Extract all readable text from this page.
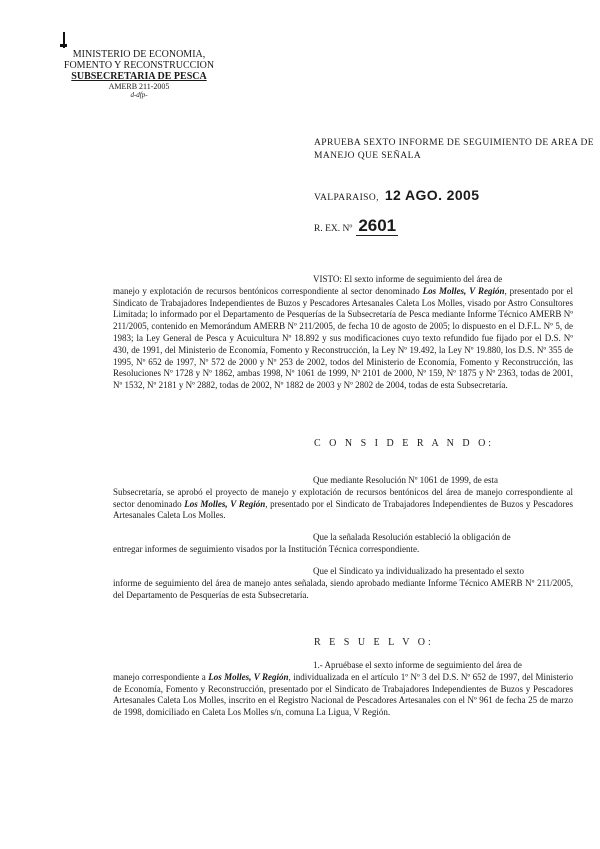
MINISTERIO DE ECONOMIA,
FOMENTO Y RECONSTRUCCION
SUBSECRETARIA DE PESCA
AMERB 211-2005
d-dfp-
APRUEBA SEXTO INFORME DE SEGUIMIENTO DE AREA DE MANEJO QUE SEÑALA
VALPARAISO, 12 AGO. 2005
R. EX. Nº 2601
VISTO: El sexto informe de seguimiento del área de
manejo y explotación de recursos bentónicos correspondiente al sector denominado Los Molles, V Región, presentado por el Sindicato de Trabajadores Independientes de Buzos y Pescadores Artesanales Caleta Los Molles, visado por Astro Consultores Limitada; lo informado por el Departamento de Pesquerías de la Subsecretaría de Pesca mediante Informe Técnico AMERB Nº 211/2005, contenido en Memorándum AMERB Nº 211/2005, de fecha 10 de agosto de 2005; lo dispuesto en el D.F.L. Nº 5, de 1983; la Ley General de Pesca y Acuicultura Nº 18.892 y sus modificaciones cuyo texto refundido fue fijado por el D.S. Nº 430, de 1991, del Ministerio de Economía, Fomento y Reconstrucción, la Ley Nº 19.492, la Ley Nº 19.880, los D.S. Nº 355 de 1995, Nº 652 de 1997, Nº 572 de 2000 y Nº 253 de 2002, todos del Ministerio de Economía, Fomento y Reconstrucción, las Resoluciones Nº 1728 y Nº 1862, ambas 1998, Nº 1061 de 1999, Nº 2101 de 2000, Nº 159, Nº 1875 y Nº 2363, todas de 2001, Nº 1532, Nº 2181 y Nº 2882, todas de 2002, Nº 1882 de 2003 y Nº 2802 de 2004, todas de esta Subsecretaría.
C O N S I D E R A N D O:
Que mediante Resolución Nº 1061 de 1999, de esta
Subsecretaría, se aprobó el proyecto de manejo y explotación de recursos bentónicos del área de manejo correspondiente al sector denominado Los Molles, V Región, presentado por el Sindicato de Trabajadores Independientes de Buzos y Pescadores Artesanales Caleta Los Molles.
Que la señalada Resolución estableció la obligación de
entregar informes de seguimiento visados por la Institución Técnica correspondiente.
Que el Sindicato ya individualizado ha presentado el sexto
informe de seguimiento del área de manejo antes señalada, siendo aprobado mediante Informe Técnico AMERB Nº 211/2005, del Departamento de Pesquerías de esta Subsecretaría.
R E S U E L V O:
1.- Apruébase el sexto informe de seguimiento del área de
manejo correspondiente a Los Molles, V Región, individualizada en el artículo 1º Nº 3 del D.S. Nº 652 de 1997, del Ministerio de Economía, Fomento y Reconstrucción, presentado por el Sindicato de Trabajadores Independientes de Buzos y Pescadores Artesanales Caleta Los Molles, inscrito en el Registro Nacional de Pescadores Artesanales con el Nº 961 de fecha 25 de marzo de 1998, domiciliado en Caleta Los Molles s/n, comuna La Ligua, V Región.
